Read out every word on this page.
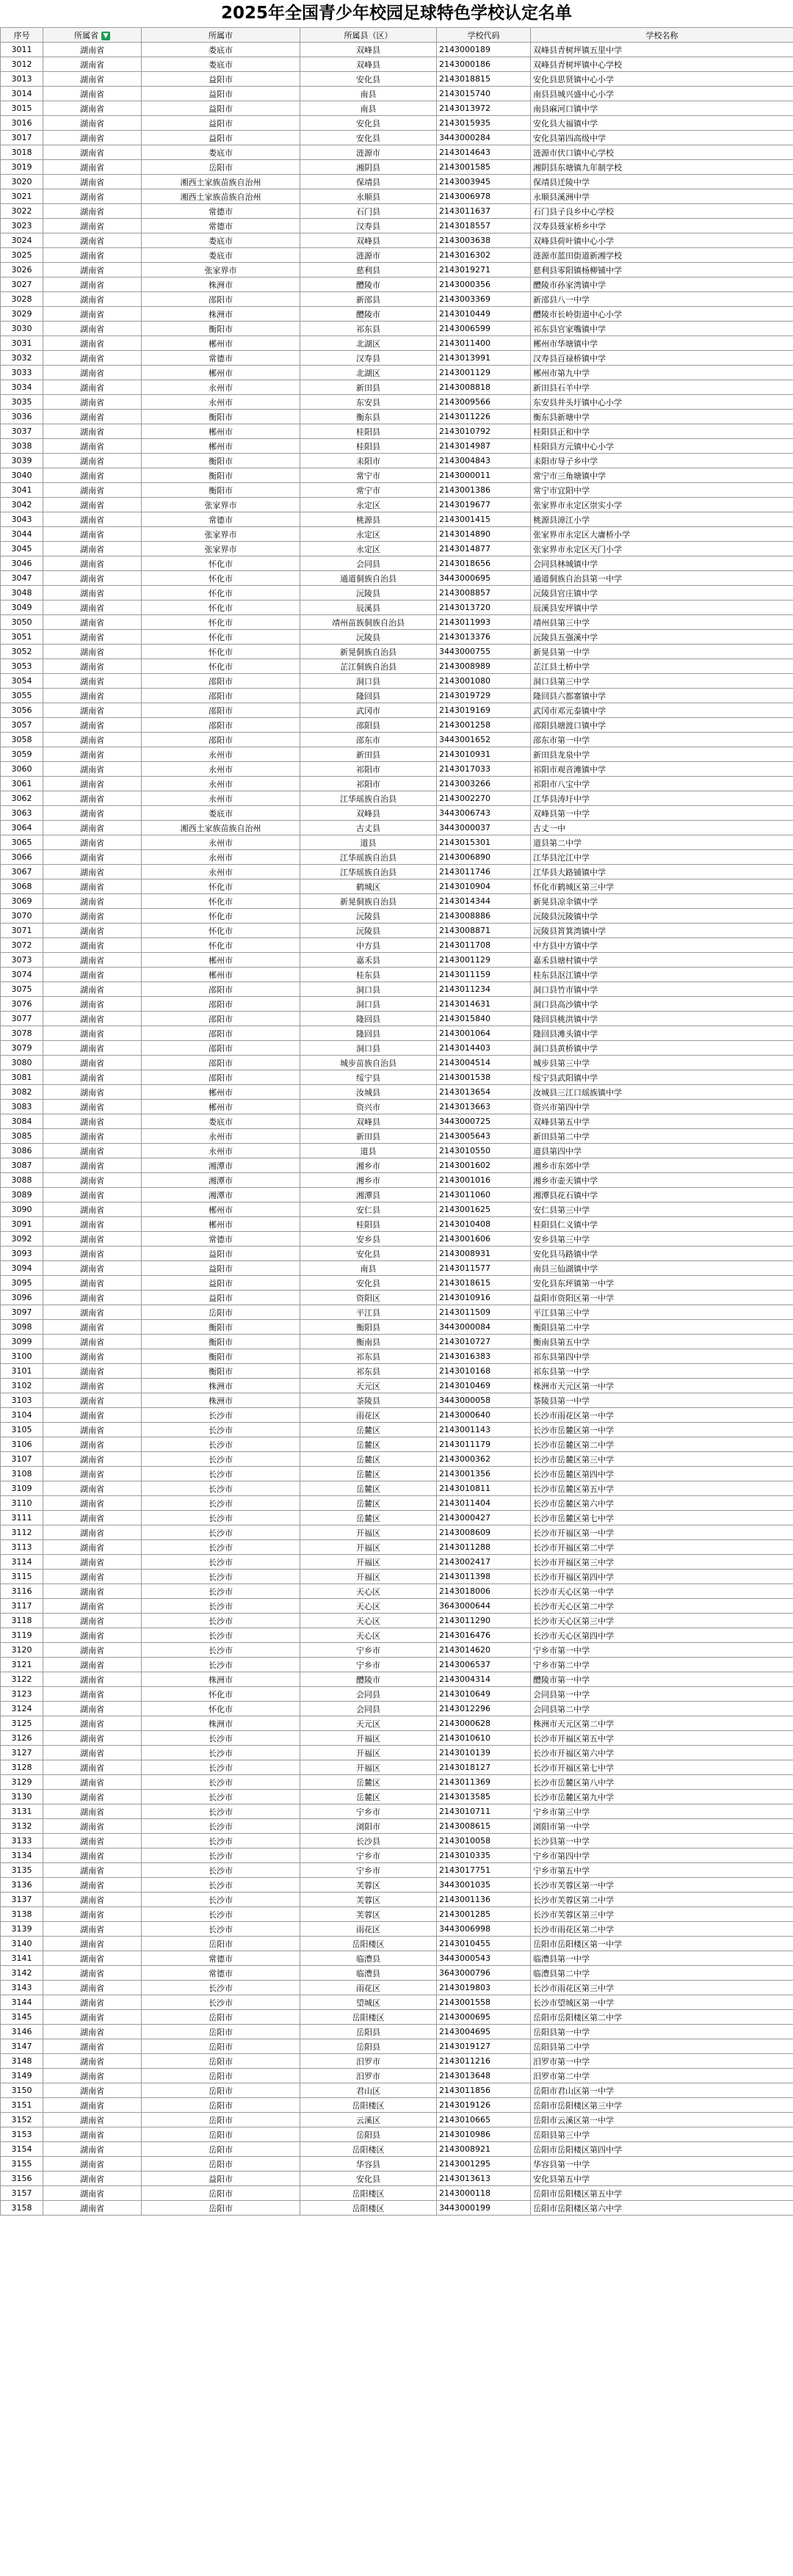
2025年全国青少年校园足球特色学校认定名单
序号	所属省 ▼	所属市	所属县（区）	学校代码	学校名称
3011	湖南省	娄底市	双峰县	2143000189	双峰县青树坪镇五里中学
3012	湖南省	娄底市	双峰县	2143000186	双峰县青树坪镇中心学校
3013	湖南省	益阳市	安化县	2143018815	安化县思贤镇中心小学
3014	湖南省	益阳市	南县	2143015740	南县县城兴盛中心小学
3015	湖南省	益阳市	南县	2143013972	南县麻河口镇中学
3016	湖南省	益阳市	安化县	2143015935	安化县大福镇中学
3017	湖南省	益阳市	安化县	3443000284	安化县第四高级中学
3018	湖南省	娄底市	涟源市	2143014643	涟源市伏口镇中心学校
3019	湖南省	岳阳市	湘阴县	2143001585	湘阴县东塘镇九年制学校
3020	湖南省	湘西土家族苗族自治州	保靖县	2143003945	保靖县迁陵中学
3021	湖南省	湘西土家族苗族自治州	永顺县	2143006978	永顺县溪洲中学
3022	湖南省	常德市	石门县	2143011637	石门县子良乡中心学校
3023	湖南省	常德市	汉寿县	2143018557	汉寿县聂家桥乡中学
3024	湖南省	娄底市	双峰县	2143003638	双峰县荷叶镇中心小学
3025	湖南省	娄底市	涟源市	2143016302	涟源市蓝田街道新湘学校
3026	湖南省	张家界市	慈利县	2143019271	慈利县零阳镇杨柳铺中学
3027	湖南省	株洲市	醴陵市	2143000356	醴陵市孙家湾镇中学
3028	湖南省	邵阳市	新邵县	2143003369	新邵县八一中学
3029	湖南省	株洲市	醴陵市	2143010449	醴陵市长岭街道中心小学
3030	湖南省	衡阳市	祁东县	2143006599	祁东县官家嘴镇中学
3031	湖南省	郴州市	北湖区	2143011400	郴州市华塘镇中学
3032	湖南省	常德市	汉寿县	2143013991	汉寿县百禄桥镇中学
3033	湖南省	郴州市	北湖区	2143001129	郴州市第九中学
3034	湖南省	永州市	新田县	2143008818	新田县石羊中学
3035	湖南省	永州市	东安县	2143009566	东安县井头圩镇中心小学
3036	湖南省	衡阳市	衡东县	2143011226	衡东县新塘中学
3037	湖南省	郴州市	桂阳县	2143010792	桂阳县正和中学
3038	湖南省	郴州市	桂阳县	2143014987	桂阳县方元镇中心小学
3039	湖南省	衡阳市	耒阳市	2143004843	耒阳市导子乡中学
3040	湖南省	衡阳市	常宁市	2143000011	常宁市三角塘镇中学
3041	湖南省	衡阳市	常宁市	2143001386	常宁市宜阳中学
3042	湖南省	张家界市	永定区	2143019677	张家界市永定区崇实小学
3043	湖南省	常德市	桃源县	2143001415	桃源县漳江小学
3044	湖南省	张家界市	永定区	2143014890	张家界市永定区大庸桥小学
3045	湖南省	张家界市	永定区	2143014877	张家界市永定区天门小学
3046	湖南省	怀化市	会同县	2143018656	会同县林城镇中学
3047	湖南省	怀化市	通道侗族自治县	3443000695	通道侗族自治县第一中学
3048	湖南省	怀化市	沅陵县	2143008857	沅陵县官庄镇中学
3049	湖南省	怀化市	辰溪县	2143013720	辰溪县安坪镇中学
3050	湖南省	怀化市	靖州苗族侗族自治县	2143011993	靖州县第三中学
3051	湖南省	怀化市	沅陵县	2143013376	沅陵县五强溪中学
3052	湖南省	怀化市	新晃侗族自治县	3443000755	新晃县第一中学
3053	湖南省	怀化市	芷江侗族自治县	2143008989	芷江县土桥中学
3054	湖南省	邵阳市	洞口县	2143001080	洞口县第三中学
3055	湖南省	邵阳市	隆回县	2143019729	隆回县六都寨镇中学
3056	湖南省	邵阳市	武冈市	2143019169	武冈市邓元泰镇中学
3057	湖南省	邵阳市	邵阳县	2143001258	邵阳县塘渡口镇中学
3058	湖南省	邵阳市	邵东市	3443001652	邵东市第一中学
3059	湖南省	永州市	新田县	2143010931	新田县龙泉中学
3060	湖南省	永州市	祁阳市	2143017033	祁阳市观音滩镇中学
3061	湖南省	永州市	祁阳市	2143003266	祁阳市八宝中学
3062	湖南省	永州市	江华瑶族自治县	2143002270	江华县涛圩中学
3063	湖南省	娄底市	双峰县	3443006743	双峰县第一中学
3064	湖南省	湘西土家族苗族自治州	古丈县	3443000037	古丈一中
3065	湖南省	永州市	道县	2143015301	道县第二中学
3066	湖南省	永州市	江华瑶族自治县	2143006890	江华县沱江中学
3067	湖南省	永州市	江华瑶族自治县	2143011746	江华县大路铺镇中学
3068	湖南省	怀化市	鹤城区	2143010904	怀化市鹤城区第三中学
3069	湖南省	怀化市	新晃侗族自治县	2143014344	新晃县凉伞镇中学
3070	湖南省	怀化市	沅陵县	2143008886	沅陵县沅陵镇中学
3071	湖南省	怀化市	沅陵县	2143008871	沅陵县筲箕湾镇中学
3072	湖南省	怀化市	中方县	2143011708	中方县中方镇中学
3073	湖南省	郴州市	嘉禾县	2143001129	嘉禾县塘村镇中学
3074	湖南省	郴州市	桂东县	2143011159	桂东县沤江镇中学
3075	湖南省	邵阳市	洞口县	2143011234	洞口县竹市镇中学
3076	湖南省	邵阳市	洞口县	2143014631	洞口县高沙镇中学
3077	湖南省	邵阳市	隆回县	2143015840	隆回县桃洪镇中学
3078	湖南省	邵阳市	隆回县	2143001064	隆回县滩头镇中学
3079	湖南省	邵阳市	洞口县	2143014403	洞口县黄桥镇中学
3080	湖南省	邵阳市	城步苗族自治县	2143004514	城步县第三中学
3081	湖南省	邵阳市	绥宁县	2143001538	绥宁县武阳镇中学
3082	湖南省	郴州市	汝城县	2143013654	汝城县三江口瑶族镇中学
3083	湖南省	郴州市	资兴市	2143013663	资兴市第四中学
3084	湖南省	娄底市	双峰县	3443000725	双峰县第五中学
3085	湖南省	永州市	新田县	2143005643	新田县第二中学
3086	湖南省	永州市	道县	2143010550	道县第四中学
3087	湖南省	湘潭市	湘乡市	2143001602	湘乡市东郊中学
3088	湖南省	湘潭市	湘乡市	2143001016	湘乡市壶天镇中学
3089	湖南省	湘潭市	湘潭县	2143011060	湘潭县花石镇中学
3090	湖南省	郴州市	安仁县	2143001625	安仁县第三中学
3091	湖南省	郴州市	桂阳县	2143010408	桂阳县仁义镇中学
3092	湖南省	常德市	安乡县	2143001606	安乡县第三中学
3093	湖南省	益阳市	安化县	2143008931	安化县马路镇中学
3094	湖南省	益阳市	南县	2143011577	南县三仙湖镇中学
3095	湖南省	益阳市	安化县	2143018615	安化县东坪镇第一中学
3096	湖南省	益阳市	资阳区	2143010916	益阳市资阳区第一中学
3097	湖南省	岳阳市	平江县	2143011509	平江县第三中学
3098	湖南省	衡阳市	衡阳县	3443000084	衡阳县第二中学
3099	湖南省	衡阳市	衡南县	2143010727	衡南县第五中学
3100	湖南省	衡阳市	祁东县	2143016383	祁东县第四中学
3101	湖南省	衡阳市	祁东县	2143010168	祁东县第一中学
3102	湖南省	株洲市	天元区	2143010469	株洲市天元区第一中学
3103	湖南省	株洲市	茶陵县	3443000058	茶陵县第一中学
3104	湖南省	长沙市	雨花区	2143000640	长沙市雨花区第一中学
3105	湖南省	长沙市	岳麓区	2143001143	长沙市岳麓区第一中学
3106	湖南省	长沙市	岳麓区	2143011179	长沙市岳麓区第二中学
3107	湖南省	长沙市	岳麓区	2143000362	长沙市岳麓区第三中学
3108	湖南省	长沙市	岳麓区	2143001356	长沙市岳麓区第四中学
3109	湖南省	长沙市	岳麓区	2143010811	长沙市岳麓区第五中学
3110	湖南省	长沙市	岳麓区	2143011404	长沙市岳麓区第六中学
3111	湖南省	长沙市	岳麓区	2143000427	长沙市岳麓区第七中学
3112	湖南省	长沙市	开福区	2143008609	长沙市开福区第一中学
3113	湖南省	长沙市	开福区	2143011288	长沙市开福区第二中学
3114	湖南省	长沙市	开福区	2143002417	长沙市开福区第三中学
3115	湖南省	长沙市	开福区	2143011398	长沙市开福区第四中学
3116	湖南省	长沙市	天心区	2143018006	长沙市天心区第一中学
3117	湖南省	长沙市	天心区	3643000644	长沙市天心区第二中学
3118	湖南省	长沙市	天心区	2143011290	长沙市天心区第三中学
3119	湖南省	长沙市	天心区	2143016476	长沙市天心区第四中学
3120	湖南省	长沙市	宁乡市	2143014620	宁乡市第一中学
3121	湖南省	长沙市	宁乡市	2143006537	宁乡市第二中学
3122	湖南省	株洲市	醴陵市	2143004314	醴陵市第一中学
3123	湖南省	怀化市	会同县	2143010649	会同县第一中学
3124	湖南省	怀化市	会同县	2143012296	会同县第二中学
3125	湖南省	株洲市	天元区	2143000628	株洲市天元区第二中学
3126	湖南省	长沙市	开福区	2143010610	长沙市开福区第五中学
3127	湖南省	长沙市	开福区	2143010139	长沙市开福区第六中学
3128	湖南省	长沙市	开福区	2143018127	长沙市开福区第七中学
3129	湖南省	长沙市	岳麓区	2143011369	长沙市岳麓区第八中学
3130	湖南省	长沙市	岳麓区	2143013585	长沙市岳麓区第九中学
3131	湖南省	长沙市	宁乡市	2143010711	宁乡市第三中学
3132	湖南省	长沙市	浏阳市	2143008615	浏阳市第一中学
3133	湖南省	长沙市	长沙县	2143010058	长沙县第一中学
3134	湖南省	长沙市	宁乡市	2143010335	宁乡市第四中学
3135	湖南省	长沙市	宁乡市	2143017751	宁乡市第五中学
3136	湖南省	长沙市	芙蓉区	3443001035	长沙市芙蓉区第一中学
3137	湖南省	长沙市	芙蓉区	2143001136	长沙市芙蓉区第二中学
3138	湖南省	长沙市	芙蓉区	2143001285	长沙市芙蓉区第三中学
3139	湖南省	长沙市	雨花区	3443006998	长沙市雨花区第二中学
3140	湖南省	岳阳市	岳阳楼区	2143010455	岳阳市岳阳楼区第一中学
3141	湖南省	常德市	临澧县	3443000543	临澧县第一中学
3142	湖南省	常德市	临澧县	3643000796	临澧县第二中学
3143	湖南省	长沙市	雨花区	2143019803	长沙市雨花区第三中学
3144	湖南省	长沙市	望城区	2143001558	长沙市望城区第一中学
3145	湖南省	岳阳市	岳阳楼区	2143000695	岳阳市岳阳楼区第二中学
3146	湖南省	岳阳市	岳阳县	2143004695	岳阳县第一中学
3147	湖南省	岳阳市	岳阳县	2143019127	岳阳县第二中学
3148	湖南省	岳阳市	汨罗市	2143011216	汨罗市第一中学
3149	湖南省	岳阳市	汨罗市	2143013648	汨罗市第二中学
3150	湖南省	岳阳市	君山区	2143011856	岳阳市君山区第一中学
3151	湖南省	岳阳市	岳阳楼区	2143019126	岳阳市岳阳楼区第三中学
3152	湖南省	岳阳市	云溪区	2143010665	岳阳市云溪区第一中学
3153	湖南省	岳阳市	岳阳县	2143010986	岳阳县第三中学
3154	湖南省	岳阳市	岳阳楼区	2143008921	岳阳市岳阳楼区第四中学
3155	湖南省	岳阳市	华容县	2143001295	华容县第一中学
3156	湖南省	益阳市	安化县	2143013613	安化县第五中学
3157	湖南省	岳阳市	岳阳楼区	2143000118	岳阳市岳阳楼区第五中学
3158	湖南省	岳阳市	岳阳楼区	3443000199	岳阳市岳阳楼区第六中学
